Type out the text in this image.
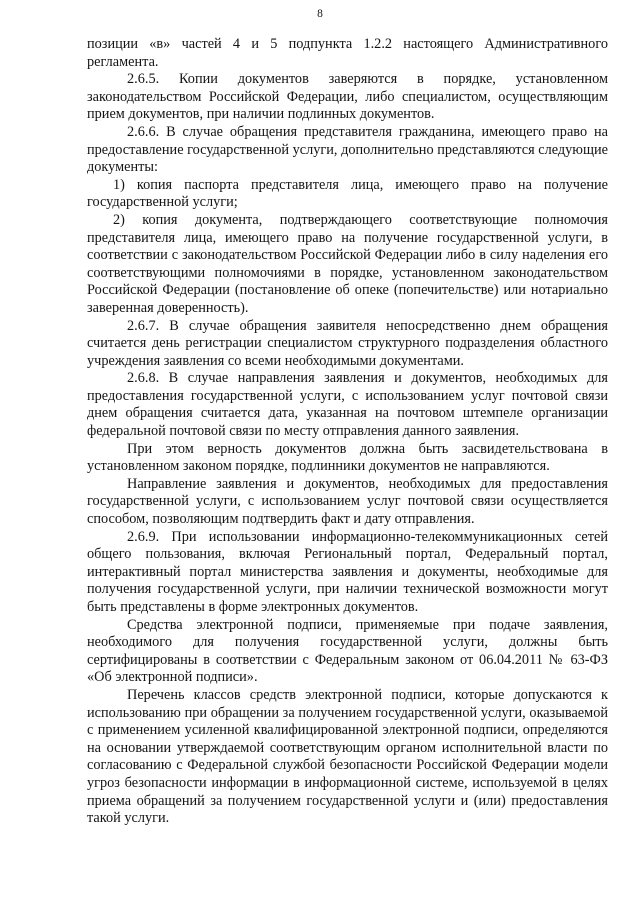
8

позиции «в» частей 4 и 5 подпункта 1.2.2 настоящего Административного регламента.

2.6.5. Копии документов заверяются в порядке, установленном законодательством Российской Федерации, либо специалистом, осуществляющим прием документов, при наличии подлинных документов.

2.6.6. В случае обращения представителя гражданина, имеющего право на предоставление государственной услуги, дополнительно представляются следующие документы:

1) копия паспорта представителя лица, имеющего право на получение государственной услуги;

2) копия документа, подтверждающего соответствующие полномочия представителя лица, имеющего право на получение государственной услуги, в соответствии с законодательством Российской Федерации либо в силу наделения его соответствующими полномочиями в порядке, установленном законодательством Российской Федерации (постановление об опеке (попечительстве) или нотариально заверенная доверенность).

2.6.7. В случае обращения заявителя непосредственно днем обращения считается день регистрации специалистом структурного подразделения областного учреждения заявления со всеми необходимыми документами.

2.6.8. В случае направления заявления и документов, необходимых для предоставления государственной услуги, с использованием услуг почтовой связи днем обращения считается дата, указанная на почтовом штемпеле организации федеральной почтовой связи по месту отправления данного заявления.

При этом верность документов должна быть засвидетельствована в установленном законом порядке, подлинники документов не направляются.

Направление заявления и документов, необходимых для предоставления государственной услуги, с использованием услуг почтовой связи осуществляется способом, позволяющим подтвердить факт и дату отправления.

2.6.9. При использовании информационно-телекоммуникационных сетей общего пользования, включая Региональный портал, Федеральный портал, интерактивный портал министерства заявления и документы, необходимые для получения государственной услуги, при наличии технической возможности могут быть представлены в форме электронных документов.

Средства электронной подписи, применяемые при подаче заявления, необходимого для получения государственной услуги, должны быть сертифицированы в соответствии с Федеральным законом от 06.04.2011 № 63-ФЗ «Об электронной подписи».

Перечень классов средств электронной подписи, которые допускаются к использованию при обращении за получением государственной услуги, оказываемой с применением усиленной квалифицированной электронной подписи, определяются на основании утверждаемой соответствующим органом исполнительной власти по согласованию с Федеральной службой безопасности Российской Федерации модели угроз безопасности информации в информационной системе, используемой в целях приема обращений за получением государственной услуги и (или) предоставления такой услуги.
